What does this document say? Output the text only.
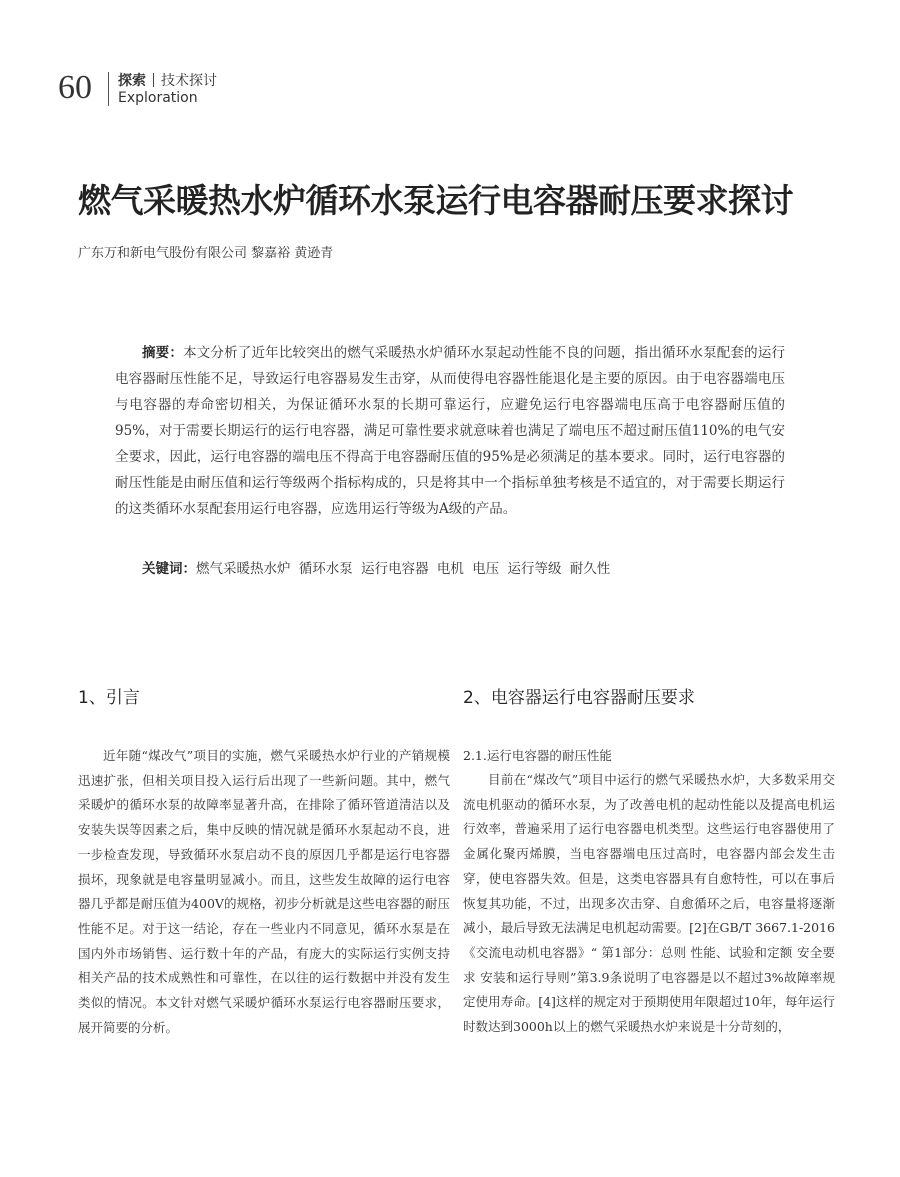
60 探索 技术探讨
Exploration
燃气采暖热水炉循环水泵运行电容器耐压要求探讨
广东万和新电气股份有限公司 黎嘉裕 黄逊青

摘要：本文分析了近年比较突出的燃气采暖热水炉循环水泵起动性能不良的问题，指出循环水泵配套的运行电容器耐压性能不足，导致运行电容器易发生击穿，从而使得电容器性能退化是主要的原因。由于电容器端电压与电容器的寿命密切相关，为保证循环水泵的长期可靠运行，应避免运行电容器端电压高于电容器耐压值的95%，对于需要长期运行的运行电容器，满足可靠性要求就意味着也满足了端电压不超过耐压值110%的电气安全要求，因此，运行电容器的端电压不得高于电容器耐压值的95%是必须满足的基本要求。同时，运行电容器的耐压性能是由耐压值和运行等级两个指标构成的，只是将其中一个指标单独考核是不适宜的，对于需要长期运行的这类循环水泵配套用运行电容器，应选用运行等级为A级的产品。

关键词：燃气采暖热水炉 循环水泵 运行电容器 电机 电压 运行等级 耐久性
1、引言

近年随“煤改气”项目的实施，燃气采暖热水炉行业的产销规模迅速扩张，但相关项目投入运行后出现了一些新问题。其中，燃气采暖炉的循环水泵的故障率显著升高，在排除了循环管道清洁以及安装失误等因素之后，集中反映的情况就是循环水泵起动不良，进一步检查发现，导致循环水泵启动不良的原因几乎都是运行电容器损坏，现象就是电容量明显减小。而且，这些发生故障的运行电容器几乎都是耐压值为400V的规格，初步分析就是这些电容器的耐压性能不足。对于这一结论，存在一些业内不同意见，循环水泵是在国内外市场销售、运行数十年的产品，有庞大的实际运行实例支持相关产品的技术成熟性和可靠性，在以往的运行数据中并没有发生类似的情况。本文针对燃气采暖炉循环水泵运行电容器耐压要求，展开简要的分析。

2、电容器运行电容器耐压要求
2.1.运行电容器的耐压性能

目前在“煤改气”项目中运行的燃气采暖热水炉，大多数采用交流电机驱动的循环水泵，为了改善电机的起动性能以及提高电机运行效率，普遍采用了运行电容器电机类型。这些运行电容器使用了金属化聚丙烯膜，当电容器端电压过高时，电容器内部会发生击穿，使电容器失效。但是，这类电容器具有自愈特性，可以在事后恢复其功能，不过，出现多次击穿、自愈循环之后，电容量将逐渐减小，最后导致无法满足电机起动需要。[2]在GB/T 3667.1-2016《交流电动机电容器》“ 第1部分：总则 性能、试验和定额 安全要求 安装和运行导则”第3.9条说明了电容器是以不超过3%故障率规定使用寿命。[4]这样的规定对于预期使用年限超过10年，每年运行时数达到3000h以上的燃气采暖热水炉来说是十分苛刻的，
